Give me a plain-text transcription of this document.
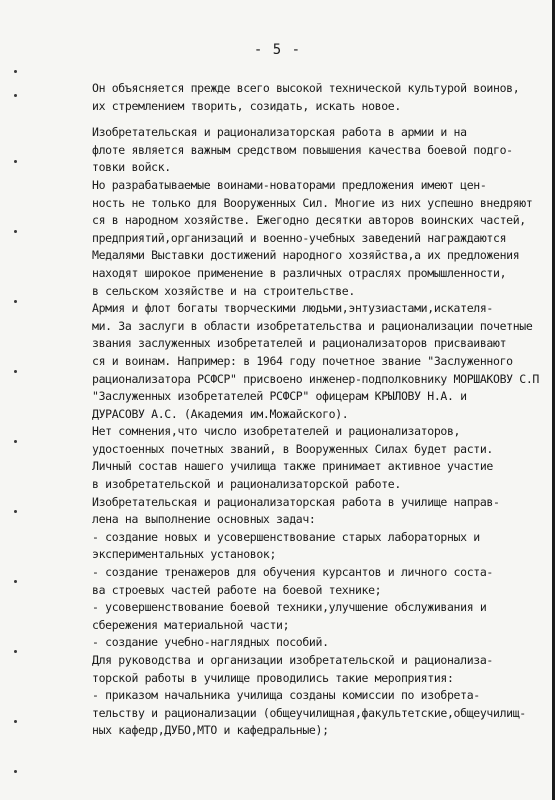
- 5 -
Он объясняется прежде всего высокой технической культурой воинов,
их стремлением творить, созидать, искать новое.
Изобретательская и рационализаторская работа в армии и на
флоте является важным средством повышения качества боевой подго-
товки войск.
Но разрабатываемые воинами-новаторами предложения имеют цен-
ность не только для Вооруженных Сил. Многие из них успешно внедряют
ся в народном хозяйстве. Ежегодно десятки авторов воинских частей,
предприятий,организаций и военно-учебных заведений награждаются
Медалями Выставки достижений народного хозяйства,а их предложения
находят широкое применение в различных отраслях промышленности,
в сельском хозяйстве и на строительстве.
Армия и флот богаты творческими людьми,энтузиастами,искателя-
ми. За заслуги в области изобретательства и рационализации почетные
звания заслуженных изобретателей и рационализаторов присваивают
ся и воинам. Например: в 1964 году почетное звание "Заслуженного
рационализатора РСФСР" присвоено инженер-подполковнику МОРШАКОВУ С.П
"Заслуженных изобретателей РСФСР" офицерам КРЫЛОВУ Н.А. и
ДУРАСОВУ А.С. (Академия им.Можайского).
Нет сомнения,что число изобретателей и рационализаторов,
удостоенных почетных званий, в Вооруженных Силах будет расти.
Личный состав нашего училища также принимает активное участие
в изобретательской и рационализаторской работе.
Изобретательская и рационализаторская работа в училище направ-
лена на выполнение основных задач:
- создание новых и усовершенствование старых лабораторных и
экспериментальных установок;
- создание тренажеров для обучения курсантов и личного соста-
ва строевых частей работе на боевой технике;
- усовершенствование боевой техники,улучшение обслуживания и
сбережения материальной части;
- создание учебно-наглядных пособий.
Для руководства и организации изобретательской и рационализа-
торской работы в училище проводились такие мероприятия:
- приказом начальника училища созданы комиссии по изобрета-
тельству и рационализации (общеучилищная,факультетские,общеучилищ-
ных кафедр,ДУБО,МТО и кафедральные);
